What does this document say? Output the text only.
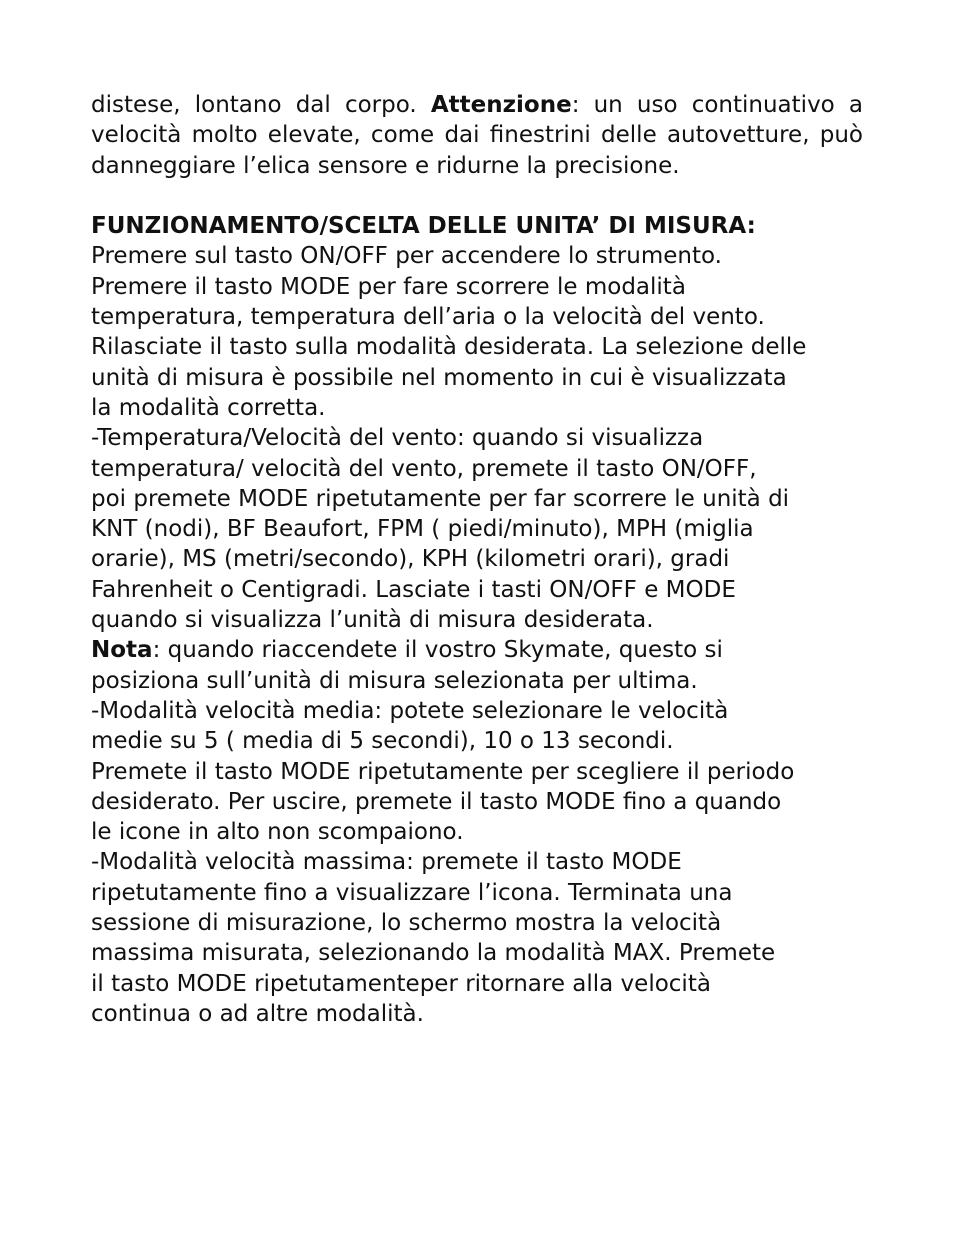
distese, lontano dal corpo. Attenzione: un uso continuativo a velocità molto elevate, come dai finestrini delle autovetture, può danneggiare l’elica sensore e ridurne la precisione.

FUNZIONAMENTO/SCELTA DELLE UNITA’ DI MISURA:

Premere sul tasto ON/OFF per accendere lo strumento.
Premere il tasto MODE per fare scorrere le modalità
temperatura, temperatura dell’aria o la velocità del vento.
Rilasciate il tasto sulla modalità desiderata. La selezione delle
unità di misura è possibile nel momento in cui è visualizzata
la modalità corretta.
-Temperatura/Velocità del vento: quando si visualizza
temperatura/ velocità del vento, premete il tasto ON/OFF,
poi premete MODE ripetutamente per far scorrere le unità di
KNT (nodi), BF Beaufort, FPM ( piedi/minuto), MPH (miglia
orarie), MS (metri/secondo), KPH (kilometri orari), gradi
Fahrenheit o Centigradi. Lasciate i tasti ON/OFF e MODE
quando si visualizza l’unità di misura desiderata.
Nota: quando riaccendete il vostro Skymate, questo si
posiziona sull’unità di misura selezionata per ultima.
-Modalità velocità media: potete selezionare le velocità
medie su 5 ( media di 5 secondi), 10 o 13 secondi.
Premete il tasto MODE ripetutamente per scegliere il periodo
desiderato. Per uscire, premete il tasto MODE fino a quando
le icone in alto non scompaiono.
-Modalità velocità massima: premete il tasto MODE
ripetutamente fino a visualizzare l’icona. Terminata una
sessione di misurazione, lo schermo mostra la velocità
massima misurata, selezionando la modalità MAX. Premete
il tasto MODE ripetutamenteper ritornare alla velocità
continua o ad altre modalità.
